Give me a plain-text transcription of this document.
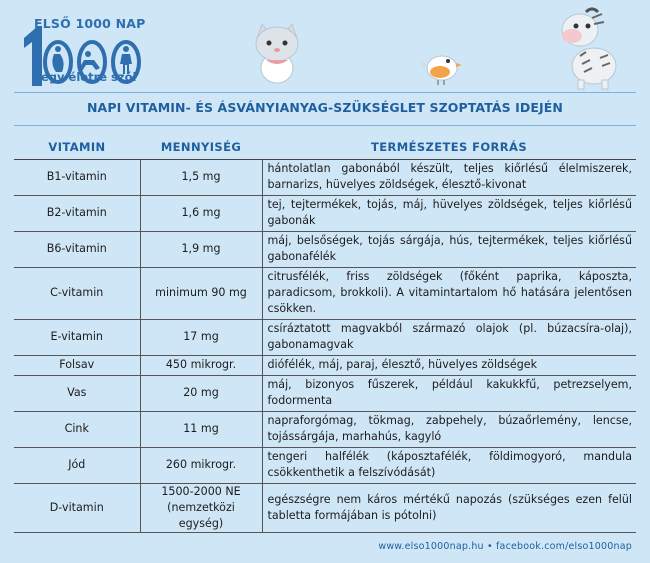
ELSŐ 1000 NAP
egy életre szól
NAPI VITAMIN- ÉS ÁSVÁNYIANYAG-SZÜKSÉGLET SZOPTATÁS IDEJÉN
VITAMIN	MENNYISÉG	TERMÉSZETES FORRÁS
B1-vitamin	1,5 mg	hántolatlan gabonából készült, teljes kiőrlésű élelmiszerek, barnarizs, hüvelyes zöldségek, élesztő-kivonat
B2-vitamin	1,6 mg	tej, tejtermékek, tojás, máj, hüvelyes zöldségek, teljes kiőrlésű gabonák
B6-vitamin	1,9 mg	máj, belsőségek, tojás sárgája, hús, tejtermékek, teljes kiőrlésű gabonafélék
C-vitamin	minimum 90 mg	citrusfélék, friss zöldségek (főként paprika, káposzta, paradicsom, brokkoli). A vitamintartalom hő hatására jelentősen csökken.
E-vitamin	17 mg	csíráztatott magvakból származó olajok (pl. búzacsíra-olaj), gabonamagvak
Folsav	450 mikrogr.	diófélék, máj, paraj, élesztő, hüvelyes zöldségek
Vas	20 mg	máj, bizonyos fűszerek, például kakukkfű, petrezselyem, fodormenta
Cink	11 mg	napraforgómag, tökmag, zabpehely, búzaőrlemény, lencse, tojássárgája, marhahús, kagyló
Jód	260 mikrogr.	tengeri halfélék (káposztafélék, földimogyoró, mandula csökkenthetik a felszívódását)
D-vitamin	1500-2000 NE (nemzetközi egység)	egészségre nem káros mértékű napozás (szükséges ezen felül tabletta formájában is pótolni)
www.elso1000nap.hu • facebook.com/elso1000nap
